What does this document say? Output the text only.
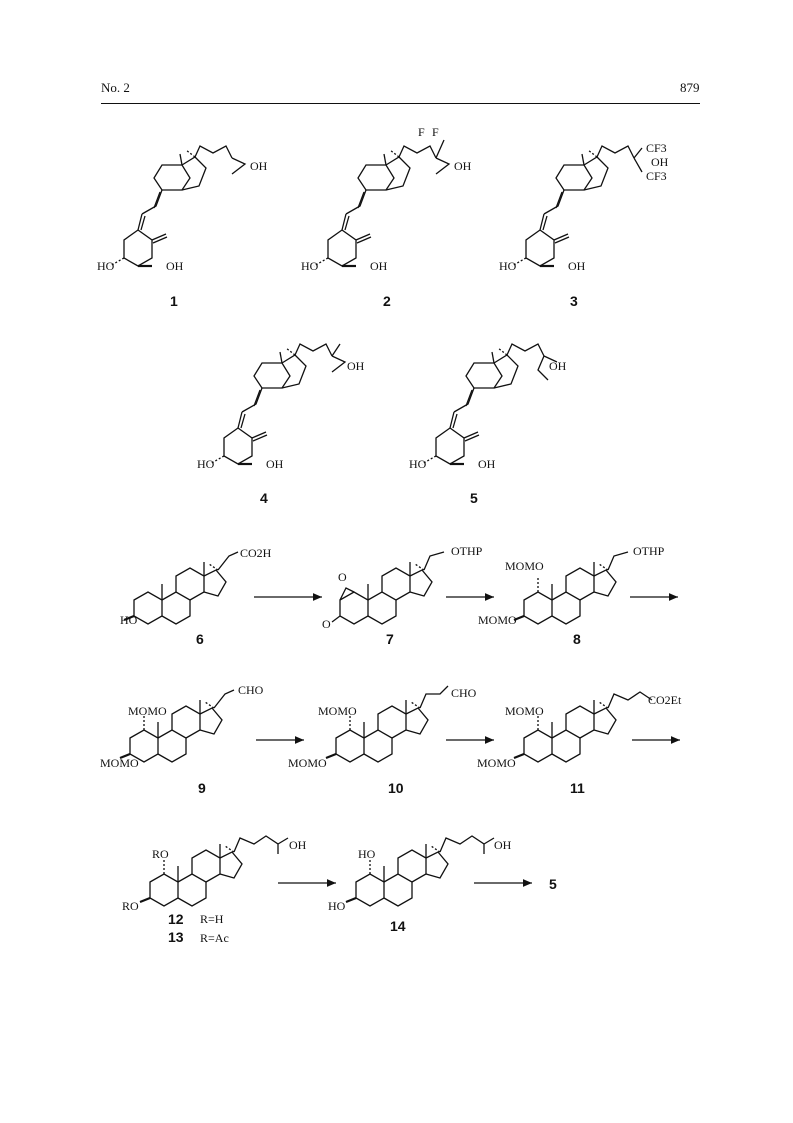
No. 2	879
OH
HO	OH
1
F F
OH
HO	OH
2
CF3
OH
CF3
HO	OH
3
OH
HO	OH
4
OH
HO	OH
5
CO2H
HO
6
OTHP
O
O
7
OTHP
MOMO
MOMO
8
CHO
MOMO
MOMO
9
CHO
MOMO
MOMO
10
CO2Et
MOMO
MOMO
11
OH
RO
RO
12 R=H
13 R=Ac
OH
HO
HO
14
5
